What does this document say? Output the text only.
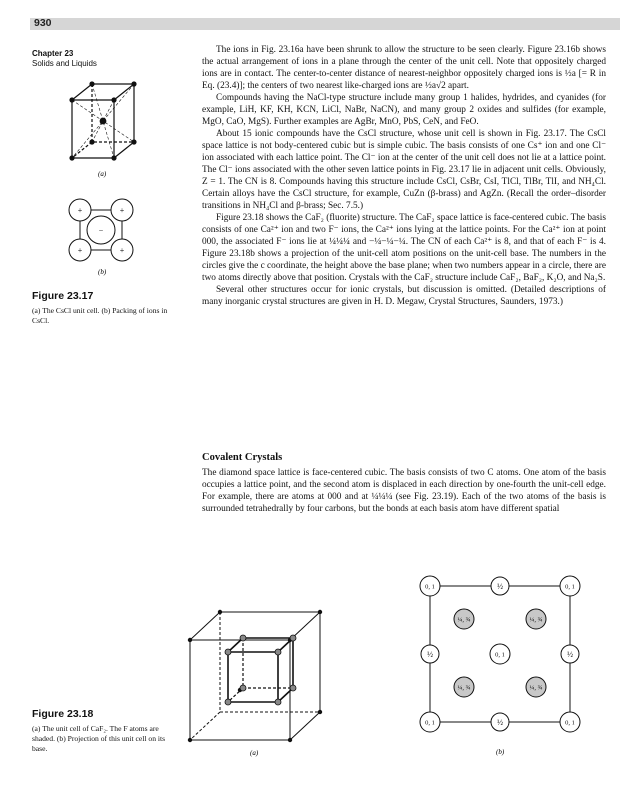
930
Chapter 23
Solids and Liquids
(a)
+	+
+	+
−
(b)
Figure 23.17
(a) The CsCl unit cell. (b) Packing of ions in CsCl.

The ions in Fig. 23.16a have been shrunk to allow the structure to be seen clearly. Figure 23.16b shows the actual arrangement of ions in a plane through the center of the unit cell. Note that oppositely charged ions are in contact. The center-to-center distance of nearest-neighbor oppositely charged ions is ½a [= R in Eq. (23.4)]; the centers of two nearest like-charged ions are ½a√2 apart.

Compounds having the NaCl-type structure include many group 1 halides, hydrides, and cyanides (for example, LiH, KF, KH, KCN, LiCl, NaBr, NaCN), and many group 2 oxides and sulfides (for example, MgO, CaO, MgS). Further examples are AgBr, MnO, PbS, CeN, and FeO.

About 15 ionic compounds have the CsCl structure, whose unit cell is shown in Fig. 23.17. The CsCl space lattice is not body-centered cubic but is simple cubic. The basis consists of one Cs⁺ ion and one Cl⁻ ion associated with each lattice point. The Cl⁻ ion at the center of the unit cell does not lie at a lattice point. The Cl⁻ ions associated with the other seven lattice points in Fig. 23.17 lie in adjacent unit cells. Obviously, Z = 1. The CN is 8. Compounds having this structure include CsCl, CsBr, CsI, TlCl, TlBr, TlI, and NH₄Cl. Certain alloys have the CsCl structure, for example, CuZn (β-brass) and AgZn. (Recall the order–disorder transitions in NH₄Cl and β-brass; Sec. 7.5.)

Figure 23.18 shows the CaF₂ (fluorite) structure. The CaF₂ space lattice is face-centered cubic. The basis consists of one Ca²⁺ ion and two F⁻ ions, the Ca²⁺ ions lying at the lattice points. For the Ca²⁺ ion at point 000, the associated F⁻ ions lie at ¼¼¼ and −¼−¼−¼. The CN of each Ca²⁺ is 8, and that of each F⁻ is 4. Figure 23.18b shows a projection of the unit-cell atom positions on the unit-cell base. The numbers in the circles give the c coordinate, the height above the base plane; when two numbers appear in a circle, there are two atoms directly above that position. Crystals with the CaF₂ structure include CaF₂, BaF₂, K₂O, and Na₂S.

Several other structures occur for ionic crystals, but discussion is omitted. (Detailed descriptions of many inorganic crystal structures are given in H. D. Megaw, Crystal Structures, Saunders, 1973.)

Covalent Crystals

The diamond space lattice is face-centered cubic. The basis consists of two C atoms. One atom of the basis occupies a lattice point, and the second atom is displaced in each direction by one-fourth the unit-cell edge. For example, there are atoms at 000 and at ¼¼¼ (see Fig. 23.19). Each of the two atoms of the basis is surrounded tetrahedrally by four carbons, but the bonds at each basis atom have different spatial

(a)
0, 1	0, 1
0, 1	0, 1
0, 1
½
½
½	½
¼, ¾	¼, ¾
¼, ¾	¼, ¾
(b)
Figure 23.18
(a) The unit cell of CaF₂. The F atoms are shaded. (b) Projection of this unit cell on its base.
